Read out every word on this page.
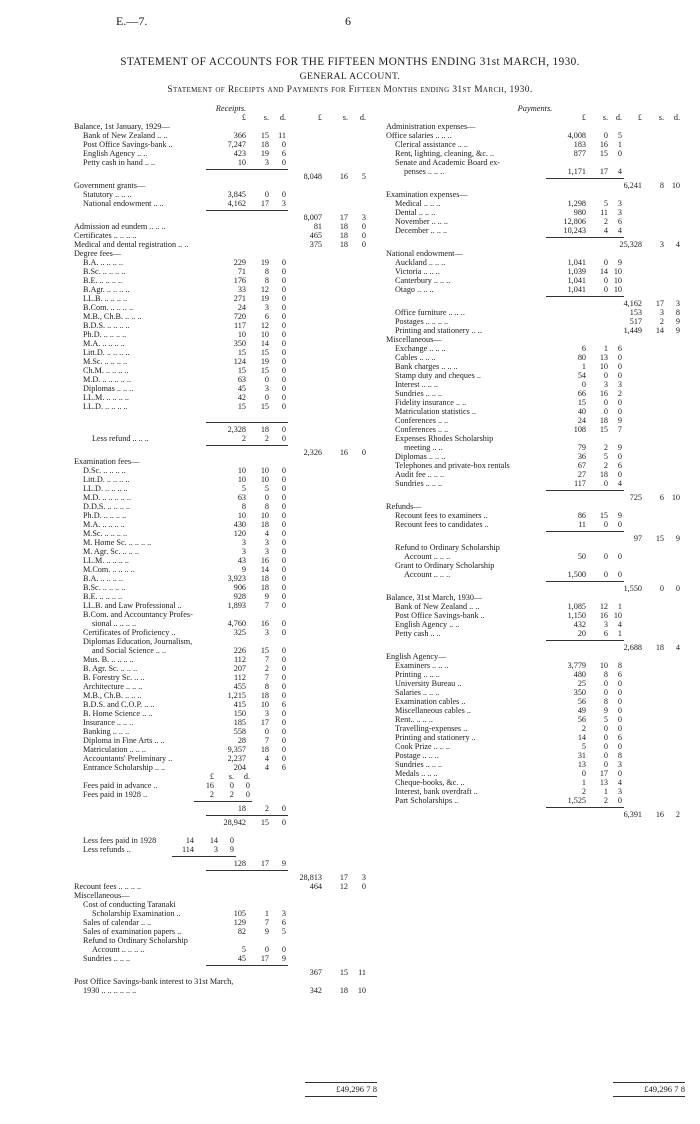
E.—7.	6
STATEMENT OF ACCOUNTS FOR THE FIFTEEN MONTHS ENDING 31st MARCH, 1930.
GENERAL ACCOUNT.
Statement of Receipts and Payments for Fifteen Months ending 31st March, 1930.
Receipts.
£	s.	d.	£	s.	d.
Balance, 1st January, 1929—
Bank of New Zealand .. ..	366	15	11
Post Office Savings-bank ..	7,247	18	0
English Agency .. ..	423	19	6
Petty cash in hand .. ..	10	3	0
8,048	16	5
Government grants—
Statutory .. .. ..	3,845	0	0
National endowment .. ..	4,162	17	3
8,007	17	3
Admission ad eundem .. .. ..	81	18	0
Certificates .. .. .. ..	465	18	0
Medical and dental registration .. ..	375	18	0
Degree fees—
B.A. .. .. .. ..	229	19	0
B.Sc. .. .. .. ..	71	8	0
B.E. .. .. .. ..	176	8	0
B.Agr. .. .. .. ..	33	12	0
LL.B. .. .. .. ..	271	19	0
B.Com. .. .. .. ..	24	3	0
M.B., Ch.B. .. .. ..	720	6	0
B.D.S. .. .. .. ..	117	12	0
Ph.D. .. .. .. ..	10	10	0
M.A. .. .. .. ..	350	14	0
Litt.D. .. .. .. ..	15	15	0
M.Sc. .. .. .. ..	124	19	0
Ch.M. .. .. .. ..	15	15	0
M.D. .. .. .. .. ..	63	0	0
Diplomas .. .. ..	45	3	0
LL.M. .. .. .. ..	42	0	0
LL.D. .. .. .. ..	15	15	0
2,328	18	0
Less refund .. .. ..	2	2	0
2,326	16	0
Examination fees—
D.Sc. .. .. .. ..	10	10	0
Litt.D. .. .. .. ..	10	10	0
LL.D. .. .. .. ..	5	5	0
M.D. .. .. .. .. ..	63	0	0
D.D.S. .. .. .. ..	8	8	0
Ph.D. .. .. .. ..	10	10	0
M.A. .. .. .. ..	430	18	0
M.Sc. .. .. .. ..	120	4	0
M. Home Sc. .. .. .. ..	3	3	0
M. Agr. Sc. .. .. ..	3	3	0
LL.M. .. .. .. ..	43	16	0
M.Com. .. .. .. ..	9	14	0
B.A. .. .. .. ..	3,923	18	0
B.Sc. .. .. .. ..	906	18	0
B.E. .. .. .. ..	928	9	0
LL.B. and Law Professional ..	1,893	7	0
B.Com. and Accountancy Profes-
sional .. .. .. ..	4,760	16	0
Certificates of Proficiency ..	325	3	0
Diplomas Education, Journalism,
and Social Science .. ..	226	15	0
Mus. B. .. .. .. ..	112	7	0
B. Agr. Sc. .. .. ..	207	2	0
B. Forestry Sc. .. ..	112	7	0
Architecture .. .. ..	455	8	0
M.B., Ch.B. .. .. ..	1,215	18	0
B.D.S. and C.O.P. .. ..	415	10	6
B. Home Science .. ..	150	3	0
Insurance .. .. ..	185	17	0
Banking .. .. ..	558	0	0
Diploma in Fine Arts .. ..	28	7	0
Matriculation .. .. ..	9,357	18	0
Accountants' Preliminary ..	2,237	4	0
Entrance Scholarship .. ..	204	4	6
£	s.	d.
Fees paid in advance ..	16	0	0
Fees paid in 1928 ..	2	2	0
18	2	0
28,942	15	0
Less fees paid in 1928	14	14	0
Less refunds ..	114	3	9
128	17	9
28,813	17	3
Recount fees .. .. .. ..	464	12	0
Miscellaneous—
Cost of conducting Taranaki
Scholarship Examination ..	105	1	3
Sales of calendar .. ..	129	7	6
Sales of examination papers ..	82	9	5
Refund to Ordinary Scholarship
Account .. .. .. ..	5	0	0
Sundries .. .. ..	45	17	9
367	15	11
Post Office Savings-bank interest to 31st March,
1930 .. .. .. .. .. ..	342	18	10
Payments.
£	s. d.	£	s.	d.
Administration expenses—
Office salaries .. .. ..	4,008	0	5
Clerical assistance .. ..	183	16	1
Rent, lighting, cleaning, &c. ..	877	15	0
Senate and Academic Board ex-
penses .. .. ..	1,171	17	4
6,241	8 10
Examination expenses—
Medical .. .. ..	1,298	5	3
Dental .. .. ..	980	11	3
November .. .. ..	12,806	2	6
December .. .. ..	10,243	4	4
25,328	3	4
National endowment—
Auckland .. .. ..	1,041	0	9
Victoria .. .. ..	1,039	14 10
Canterbury .. .. ..	1,041	0 10
Otago .. .. ..	1,041	0 10
4,162	17	3
Office furniture .. .. ..	153	3	8
Postages .. .. .. ..	517	2	9
Printing and stationery .. ..	1,449	14	9
Miscellaneous—
Exchange .. .. ..	6	1	6
Cables .. .. ..	80	13	0
Bank charges .. .. ..	1	10	0
Stamp duty and cheques ..	54	0	0
Interest .. .. ..	0	3	3
Sundries .. .. ..	66	16	2
Fidelity insurance .. ..	15	0	0
Matriculation statistics ..	40	0	0
Conferences .. ..	24	18	9
Conferences .. ..	108	15	7
Expenses Rhodes Scholarship
meeting .. ..	79	2	9
Diplomas .. .. ..	36	5	0
Telephones and private-box rentals	67	2	6
Audit fee .. .. ..	27	18	0
Sundries .. .. ..	117	0	4
725	6 10
Refunds—
Recount fees to examiners ..	86	15	9
Recount fees to candidates ..	11	0	0
97	15	9
Refund to Ordinary Scholarship
Account .. .. ..	50	0	0
Grant to Ordinary Scholarship
Account .. .. ..	1,500	0	0
1,550	0	0
Balance, 31st March, 1930—
Bank of New Zealand .. ..	1,085	12	1
Post Office Savings-bank ..	1,150	16 10
English Agency .. ..	432	3	4
Petty cash .. ..	20	6	1
2,688	18	4
English Agency—
Examiners .. .. ..	3,779	10	8
Printing .. .. ..	480	8	6
University Bureau ..	25	0	0
Salaries .. .. ..	350	0	0
Examination cables ..	56	8	0
Miscellaneous cables ..	49	9	0
Rent.. .. .. ..	56	5	0
Travelling-expenses ..	2	0	0
Printing and stationery ..	14	0	6
Cook Prize .. .. ..	5	0	0
Postage .. .. ..	31	0	8
Sundries .. .. ..	13	0	3
Medals .. .. ..	0	17	0
Cheque-books, &c. ..	1	13	4
Interest, bank overdraft ..	2	1	3
Part Scholarships ..	1,525	2	0
6,391	16	2
£49,296 7 8	£49,296 7 8
